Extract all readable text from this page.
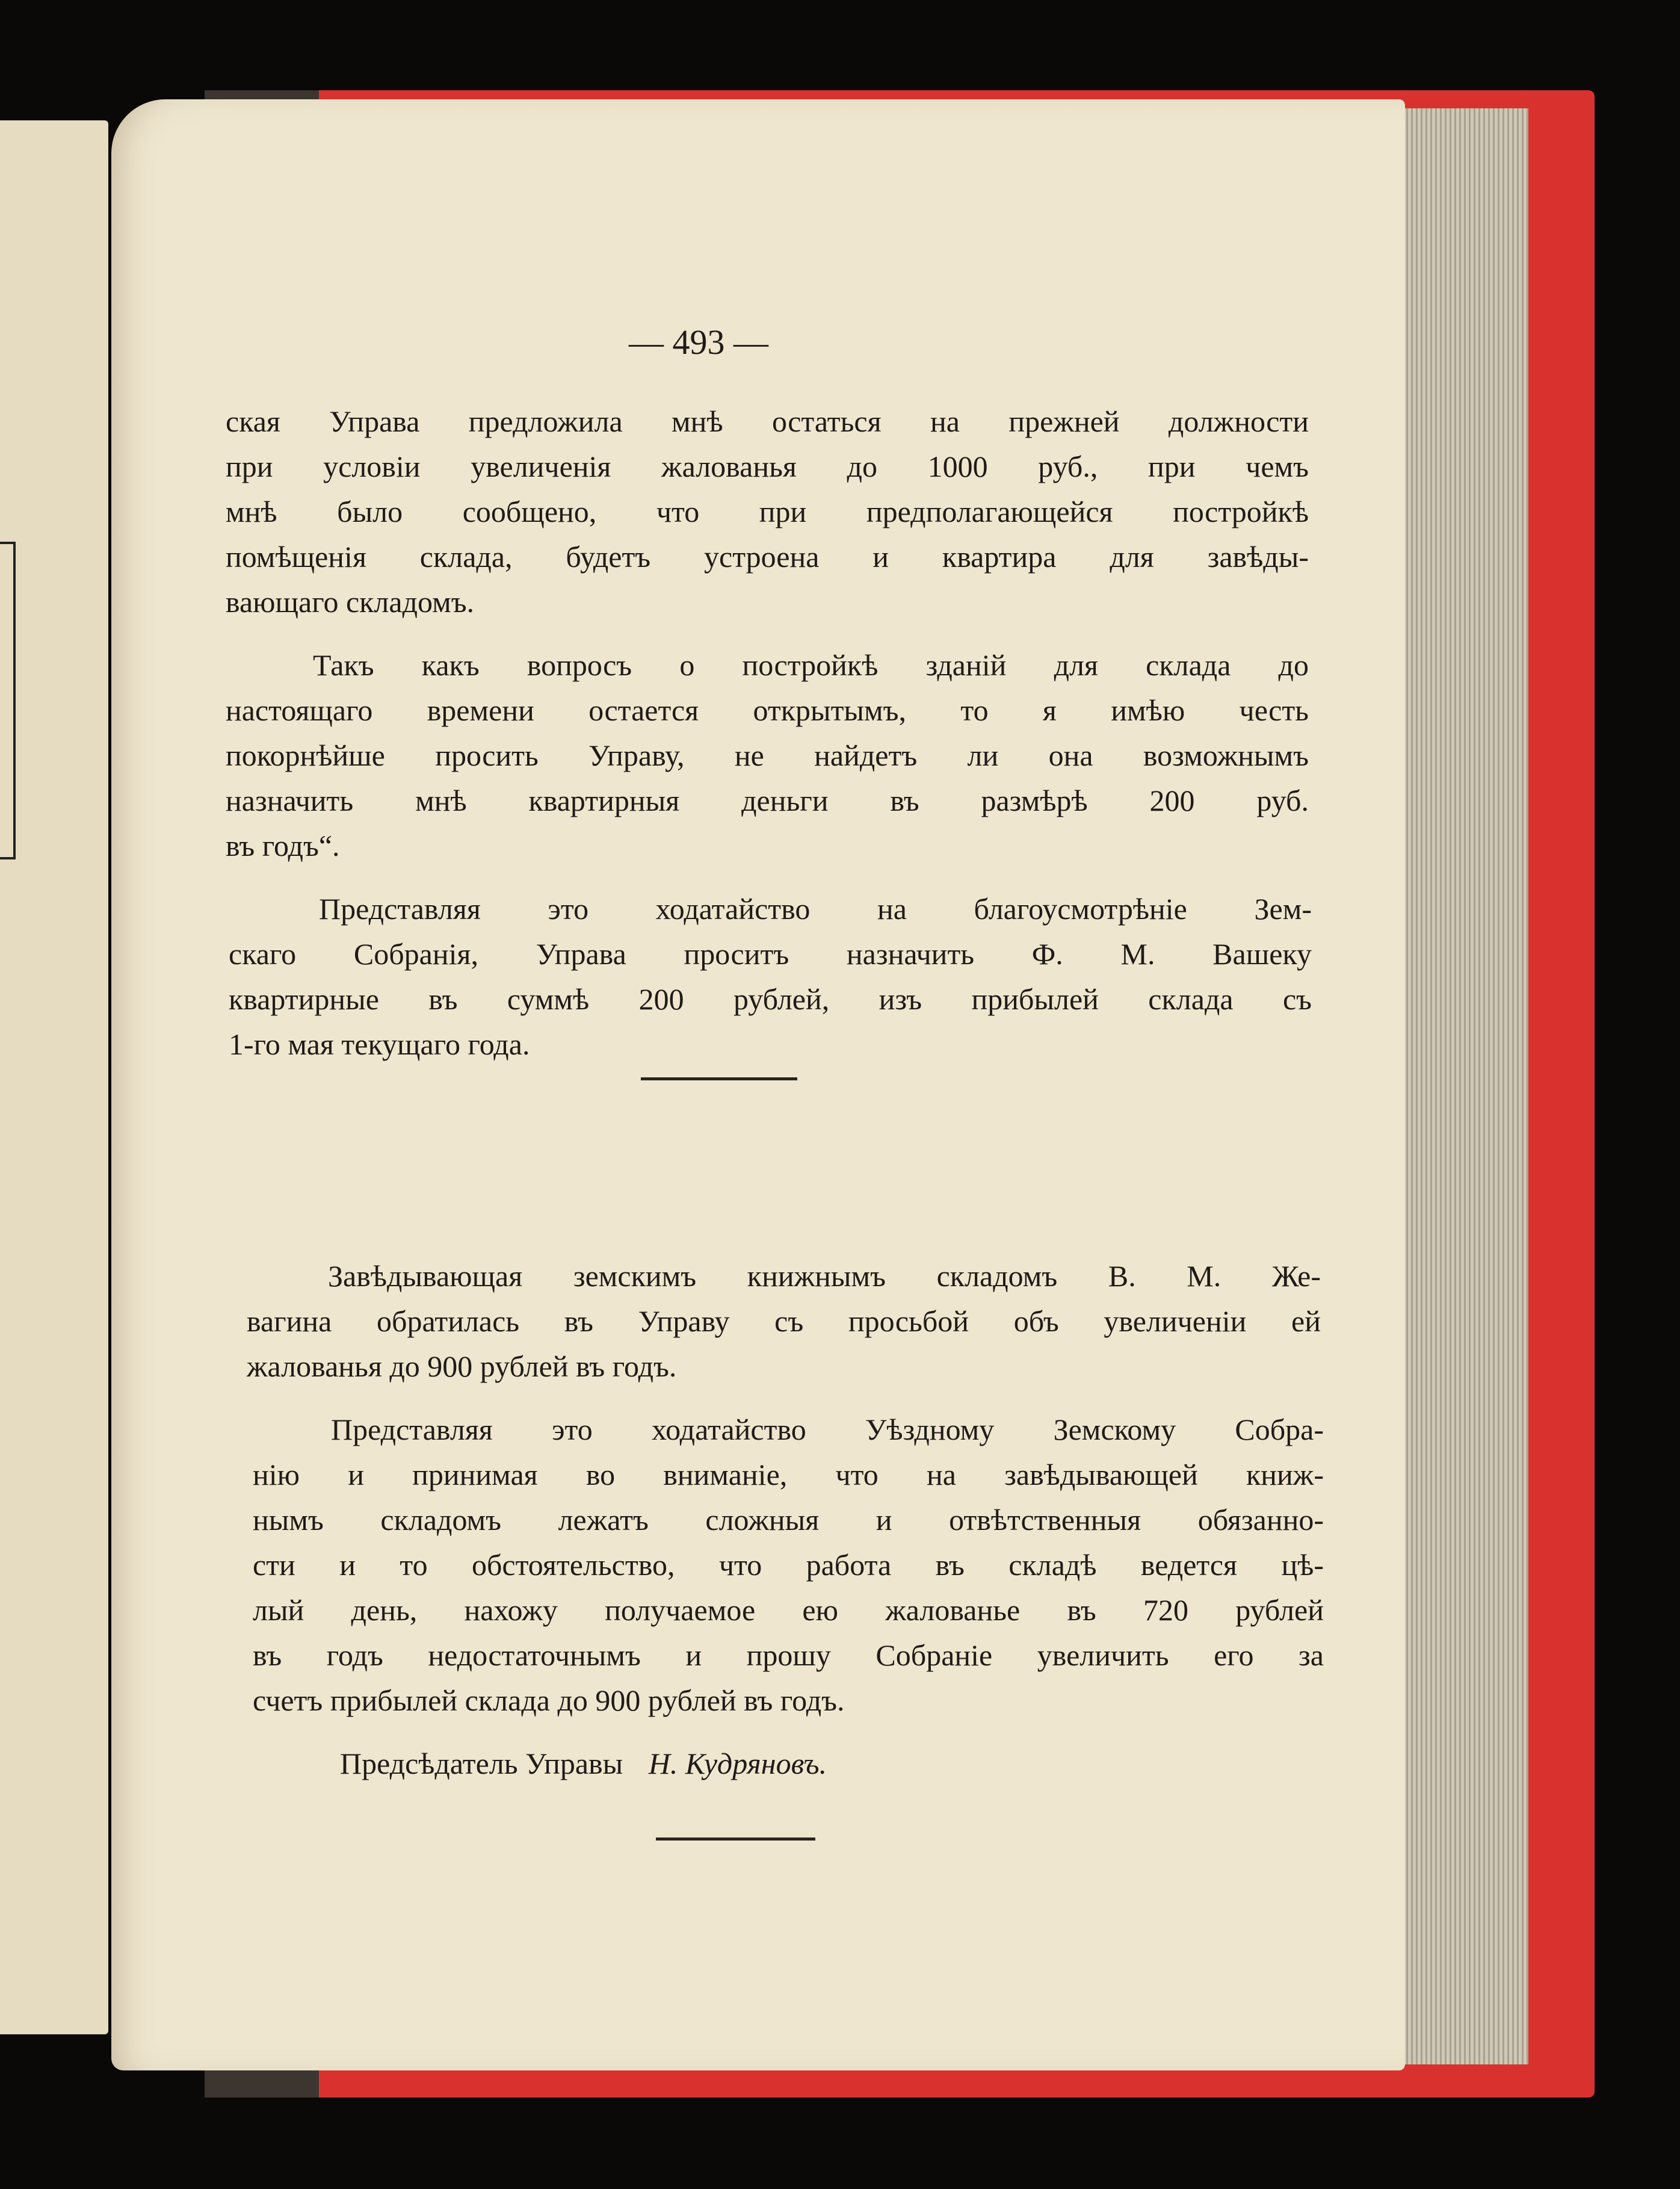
— 493 —
ская Управа предложила мнѣ остаться на прежней должности
при условіи увеличенія жалованья до 1000 руб., при чемъ
мнѣ было сообщено, что при предполагающейся постройкѣ
помѣщенія склада, будетъ устроена и квартира для завѣды-
вающаго складомъ.
Такъ какъ вопросъ о постройкѣ зданій для склада до
настоящаго времени остается открытымъ, то я имѣю честь
покорнѣйше просить Управу, не найдетъ ли она возможнымъ
назначить мнѣ квартирныя деньги въ размѣрѣ 200 руб.
въ годъ“.
Представляя это ходатайство на благоусмотрѣніе Зем-
скаго Собранія, Управа проситъ назначить Ф. М. Вашеку
квартирные въ суммѣ 200 рублей, изъ прибылей склада съ
1-го мая текущаго года.
Завѣдывающая земскимъ книжнымъ складомъ В. М. Же-
вагина обратилась въ Управу съ просьбой объ увеличеніи ей
жалованья до 900 рублей въ годъ.
Представляя это ходатайство Уѣздному Земскому Собра-
нію и принимая во вниманіе, что на завѣдывающей книж-
нымъ складомъ лежатъ сложныя и отвѣтственныя обязанно-
сти и то обстоятельство, что работа въ складѣ ведется цѣ-
лый день, нахожу получаемое ею жалованье въ 720 рублей
въ годъ недостаточнымъ и прошу Собраніе увеличить его за
счетъ прибылей склада до 900 рублей въ годъ.
Предсѣдатель Управы Н. Кудряновъ.
